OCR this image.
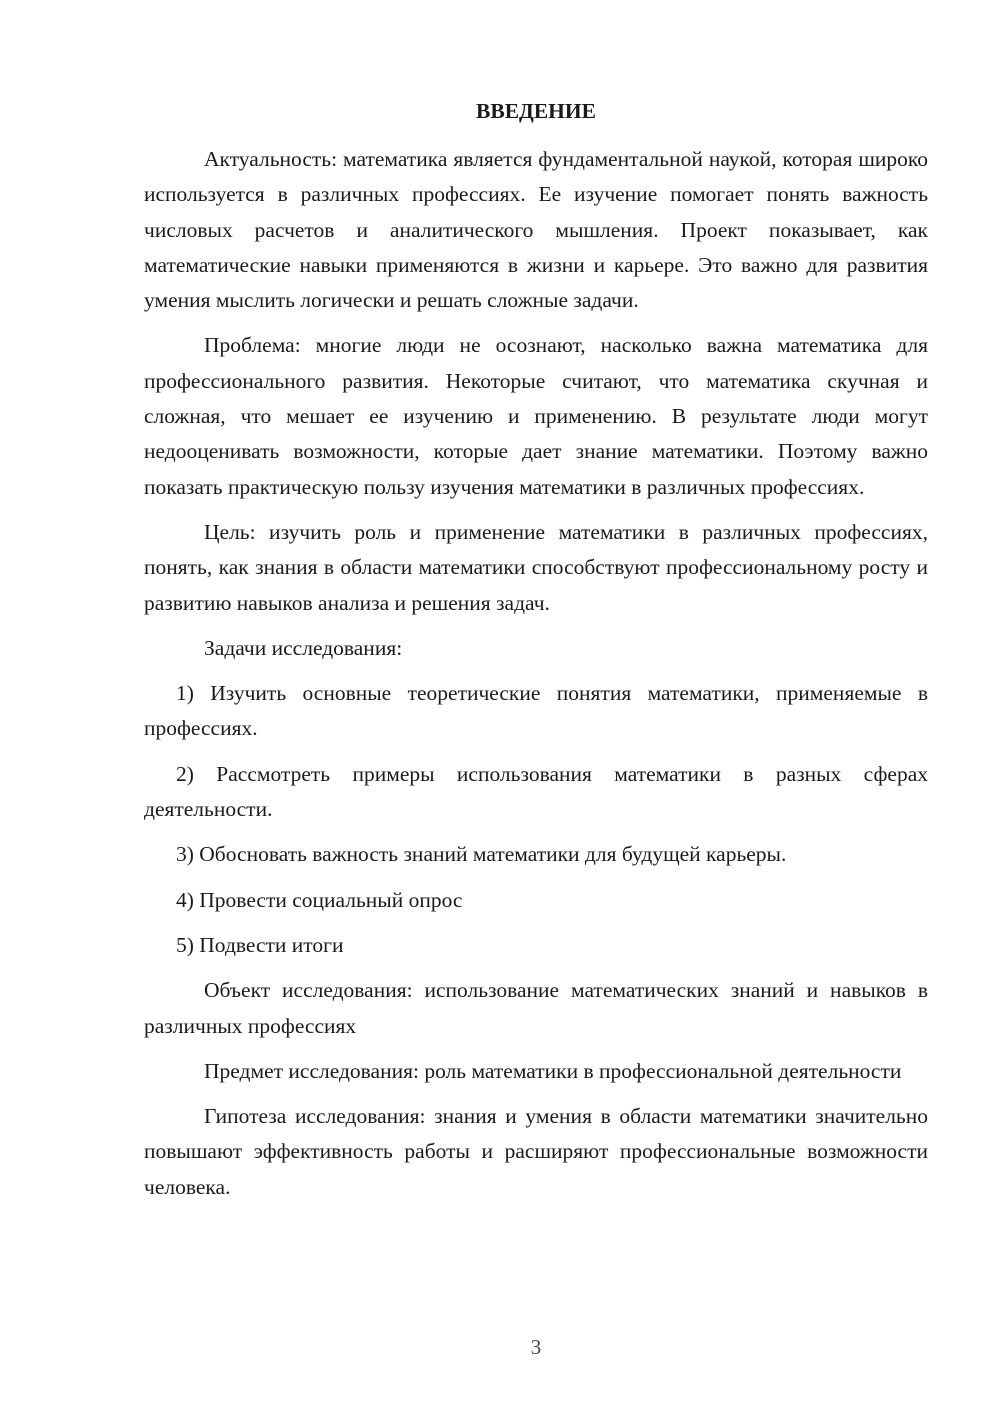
ВВЕДЕНИЕ

Актуальность: математика является фундаментальной наукой, которая широко используется в различных профессиях. Ее изучение помогает понять важность числовых расчетов и аналитического мышления. Проект показывает, как математические навыки применяются в жизни и карьере. Это важно для развития умения мыслить логически и решать сложные задачи.

Проблема: многие люди не осознают, насколько важна математика для профессионального развития. Некоторые считают, что математика скучная и сложная, что мешает ее изучению и применению. В результате люди могут недооценивать возможности, которые дает знание математики. Поэтому важно показать практическую пользу изучения математики в различных профессиях.

Цель: изучить роль и применение математики в различных профессиях, понять, как знания в области математики способствуют профессиональному росту и развитию навыков анализа и решения задач.

Задачи исследования:

1) Изучить основные теоретические понятия математики, применяемые в профессиях.

2) Рассмотреть примеры использования математики в разных сферах деятельности.

3) Обосновать важность знаний математики для будущей карьеры.

4) Провести социальный опрос

5) Подвести итоги

Объект исследования: использование математических знаний и навыков в различных профессиях

Предмет исследования: роль математики в профессиональной деятельности

Гипотеза исследования: знания и умения в области математики значительно повышают эффективность работы и расширяют профессиональные возможности человека.

3
